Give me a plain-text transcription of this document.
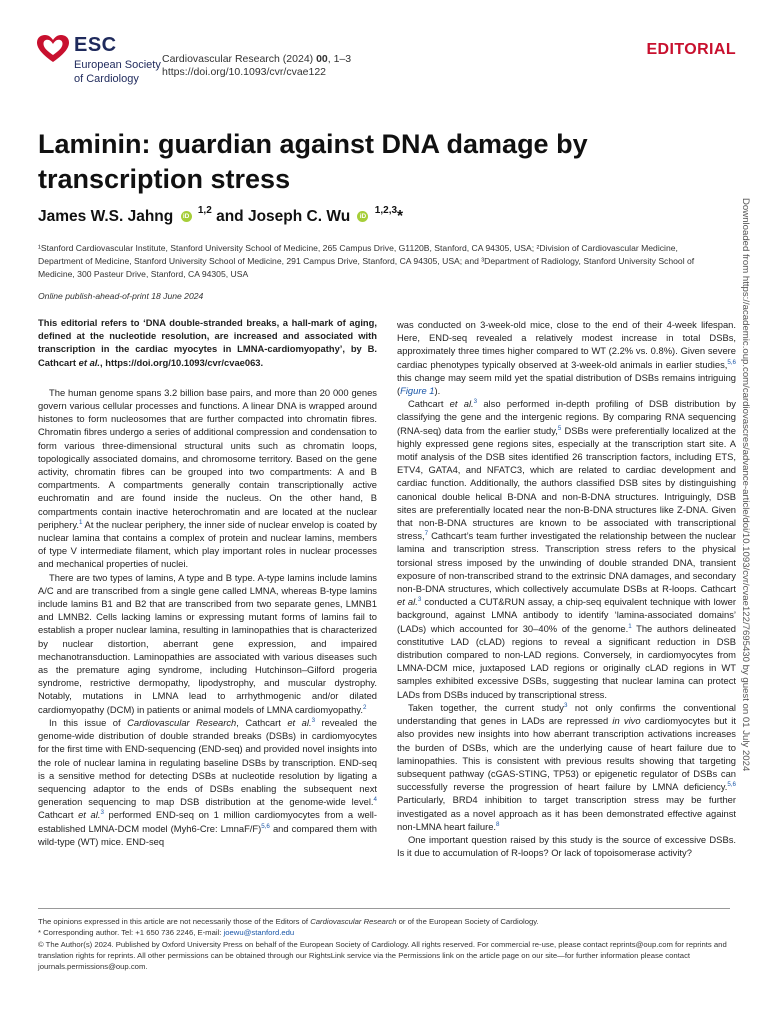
ESC
European Society
of Cardiology
Cardiovascular Research (2024) 00, 1–3
https://doi.org/10.1093/cvr/cvae122
EDITORIAL
Laminin: guardian against DNA damage by transcription stress
James W.S. Jahng iD $^{1,2}$ and Joseph C. Wu iD $^{1,2,3}$*
¹Stanford Cardiovascular Institute, Stanford University School of Medicine, 265 Campus Drive, G1120B, Stanford, CA 94305, USA; ²Division of Cardiovascular Medicine, Department of Medicine, Stanford University School of Medicine, 291 Campus Drive, Stanford, CA 94305, USA; and ³Department of Radiology, Stanford University School of Medicine, 300 Pasteur Drive, Stanford, CA 94305, USA
Online publish-ahead-of-print 18 June 2024

This editorial refers to ‘DNA double-stranded breaks, a hall-mark of aging, defined at the nucleotide resolution, are increased and associated with transcription in the cardiac myocytes in LMNA-cardiomyopathy’, by B. Cathcart et al., https://doi.org/10.1093/cvr/cvae063.

The human genome spans 3.2 billion base pairs, and more than 20 000 genes govern various cellular processes and functions. A linear DNA is wrapped around histones to form nucleosomes that are further compacted into chromatin fibres. Chromatin fibres undergo a series of additional compression and condensation to form various three-dimensional structural units such as chromatin loops, topologically associated domains, and chromosome territory. Based on the gene activity, chromatin fibres can be grouped into two compartments: A and B compartments. A compartments generally contain transcriptionally active euchromatin and are found inside the nucleus. On the other hand, B compartments contain inactive heterochromatin and are located at the nuclear periphery.$^1$ At the nuclear periphery, the inner side of nuclear envelop is coated by nuclear lamina that contains a complex of protein and nuclear lamins, members of type V intermediate filament, which play important roles in nuclear processes and mechanical properties of nuclei.

There are two types of lamins, A type and B type. A-type lamins include lamins A/C and are transcribed from a single gene called LMNA, whereas B-type lamins include lamins B1 and B2 that are transcribed from two separate genes, LMNB1 and LMNB2. Cells lacking lamins or expressing mutant forms of lamins fail to establish a proper nuclear lamina, resulting in laminopathies that is characterized by nuclear distortion, aberrant gene expression, and impaired mechanotransduction. Laminopathies are associated with various diseases such as the premature aging syndrome, including Hutchinson–Gilford progeria syndrome, restrictive dermopathy, lipodystrophy, and muscular dystrophy. Notably, mutations in LMNA lead to arrhythmogenic and/or dilated cardiomyopathy (DCM) in patients or animal models of LMNA cardiomyopathy.$^2$

In this issue of Cardiovascular Research, Cathcart et al.$^3$ revealed the genome-wide distribution of double stranded breaks (DSBs) in cardiomyocytes for the first time with END-sequencing (END-seq) and provided novel insights into the role of nuclear lamina in regulating baseline DSBs by transcription. END-seq is a sensitive method for detecting DSBs at nucleotide resolution by ligating a sequencing adaptor to the ends of DSBs enabling the subsequent next generation sequencing to map DSB distribution at the genome-wide level.$^4$ Cathcart et al.$^3$ performed END-seq on 1 million cardiomyocytes from a well-established LMNA-DCM model (Myh6-Cre: LmnaF/F)$^{5,6}$ and compared them with wild-type (WT) mice. END-seq

was conducted on 3-week-old mice, close to the end of their 4-week lifespan. Here, END-seq revealed a relatively modest increase in total DSBs, approximately three times higher compared to WT (2.2% vs. 0.8%). Given severe cardiac phenotypes typically observed at 3-week-old animals in earlier studies,$^{5,6}$ this change may seem mild yet the spatial distribution of DSBs remains intriguing (Figure 1).

Cathcart et al.$^3$ also performed in-depth profiling of DSB distribution by classifying the gene and the intergenic regions. By comparing RNA sequencing (RNA-seq) data from the earlier study,$^5$ DSBs were preferentially localized at the highly expressed gene regions sites, especially at the transcription start site. A motif analysis of the DSB sites identified 26 transcription factors, including ETS, ETV4, GATA4, and NFATC3, which are related to cardiac development and cardiac function. Additionally, the authors classified DSB sites by distinguishing canonical double helical B-DNA and non-B-DNA structures. Intriguingly, DSB sites are preferentially located near the non-B-DNA structures like Z-DNA. Given that non-B-DNA structures are known to be associated with transcriptional stress,$^7$ Cathcart’s team further investigated the relationship between the nuclear lamina and transcription stress. Transcription stress refers to the physical torsional stress imposed by the unwinding of double stranded DNA, transient exposure of non-transcribed strand to the extrinsic DNA damages, and secondary non-B-DNA structures, which collectively accumulate DSBs at R-loops. Cathcart et al.$^3$ conducted a CUT&RUN assay, a chip-seq equivalent technique with lower background, against LMNA antibody to identify ‘lamina-associated domains’ (LADs) which accounted for 30–40% of the genome.$^1$ The authors delineated constitutive LAD (cLAD) regions to reveal a significant reduction in DSB distribution compared to non-LAD regions. Conversely, in cardiomyocytes from LMNA-DCM mice, juxtaposed LAD regions or originally cLAD regions in WT samples exhibited excessive DSBs, suggesting that nuclear lamina can protect LADs from DSBs induced by transcriptional stress.

Taken together, the current study$^3$ not only confirms the conventional understanding that genes in LADs are repressed in vivo cardiomyocytes but it also provides new insights into how aberrant transcription activations increases the burden of DSBs, which are the underlying cause of heart failure due to laminopathies. This is consistent with previous results showing that targeting subsequent pathway (cGAS-STING, TP53) or epigenetic regulator of DSBs can successfully reverse the progression of heart failure by LMNA deficiency.$^{5,6}$ Particularly, BRD4 inhibition to target transcription stress may be further investigated as a novel approach as it has been demonstrated effective against non-LMNA heart failure.$^8$

One important question raised by this study is the source of excessive DSBs. Is it due to accumulation of R-loops? Or lack of topoisomerase activity?

Downloaded from https://academic.oup.com/cardiovascres/advance-article/doi/10.1093/cvr/cvae122/7695430 by guest on 01 July 2024
The opinions expressed in this article are not necessarily those of the Editors of Cardiovascular Research or of the European Society of Cardiology.
* Corresponding author. Tel: +1 650 736 2246, E-mail: joewu@stanford.edu
© The Author(s) 2024. Published by Oxford University Press on behalf of the European Society of Cardiology. All rights reserved. For commercial re-use, please contact reprints@oup.com for reprints and translation rights for reprints. All other permissions can be obtained through our RightsLink service via the Permissions link on the article page on our site—for further information please contact journals.permissions@oup.com.
